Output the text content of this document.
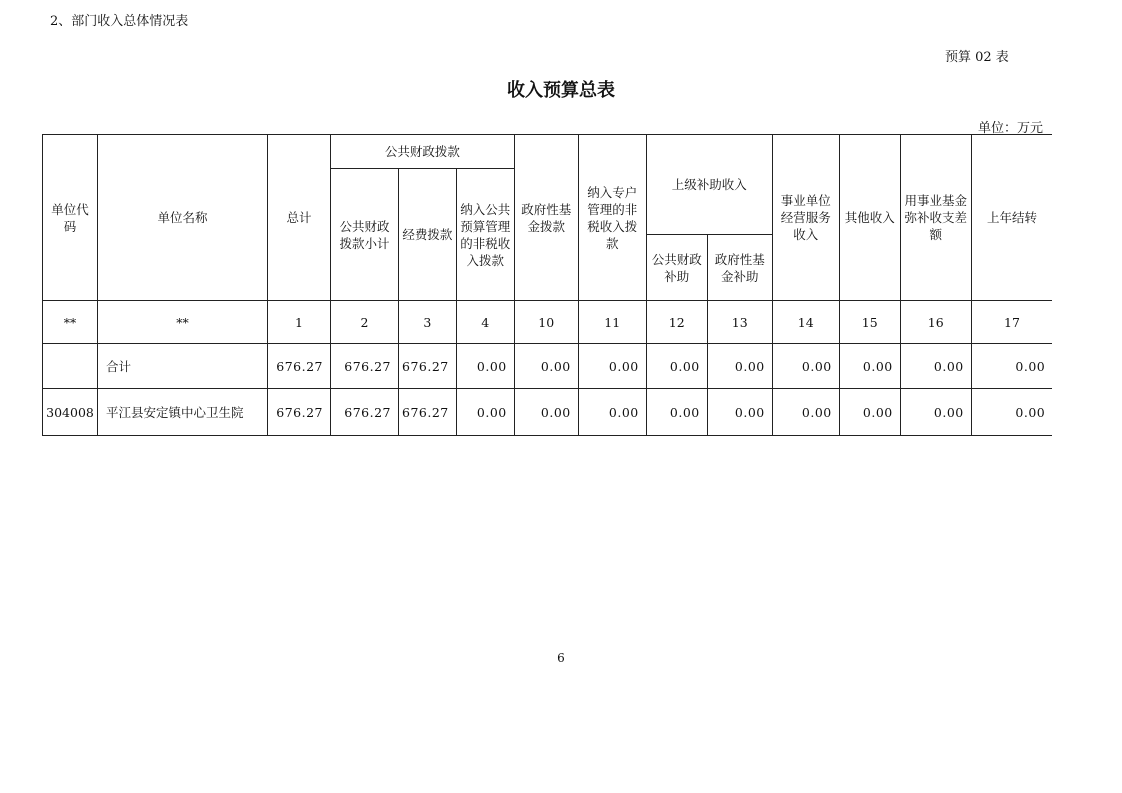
2、部门收入总体情况表
预算 02 表
收入预算总表
单位：万元
单位代码	单位名称	总计	公共财政拨款			政府性基金拨款	纳入专户管理的非税收入拨款	上级补助收入		事业单位经营服务收入	其他收入	用事业基金弥补收支差额	上年结转
			公共财政拨款小计	经费拨款	纳入公共预算管理的非税收入拨款								
								公共财政补助	政府性基金补助				
**	**	1	2	3	4	10	11	12	13	14	15	16	17
	合计	676.27	676.27	676.27	0.00	0.00	0.00	0.00	0.00	0.00	0.00	0.00	0.00
304008	平江县安定镇中心卫生院	676.27	676.27	676.27	0.00	0.00	0.00	0.00	0.00	0.00	0.00	0.00	0.00
6
